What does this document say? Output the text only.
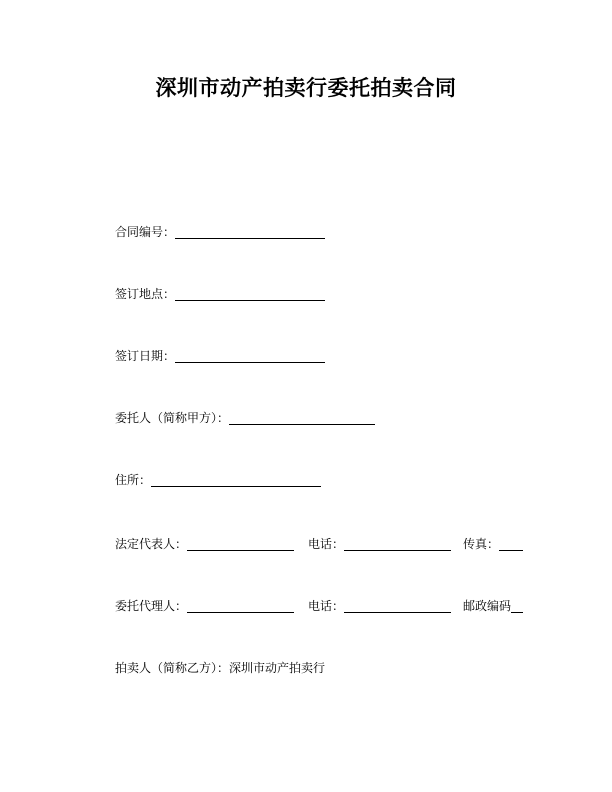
深圳市动产拍卖行委托拍卖合同
合同编号：
签订地点：
签订日期：
委托人（简称甲方）：
住所：
法定代表人：	电话：	传真：
委托代理人：	电话：	邮政编码
拍卖人（简称乙方）： 深圳市动产拍卖行
